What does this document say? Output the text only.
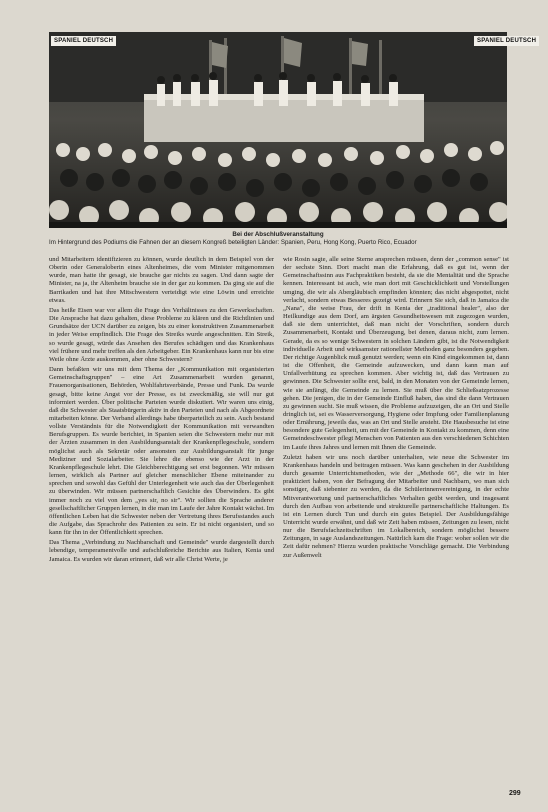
SPANIEL DEUTSCH	SPANIEL DEUTSCH
Bei der Abschlußveranstaltung
Im Hintergrund des Podiums die Fahnen der an diesem Kongreß beteiligten Länder: Spanien, Peru, Hong Kong, Puerto Rico, Ecuador

und Mitarbeitern identifizieren zu können, wurde deutlich in dem Beispiel von der Oberin oder Generaloberin eines Altenheimes, die vom Minister mitgenommen wurde, man hatte ihr gesagt, sie brauche gar nichts zu sagen. Und dann sagte der Minister, na ja, ihr Altenheim brauche sie in der gar zu kommen. Da ging sie auf die Barrikaden und hat ihre Mitschwestern verteidigt wie eine Löwin und erreichte etwas.

Das heiße Eisen war vor allem die Frage des Verhältnisses zu den Gewerkschaften. Die Ansprache hat dazu gehalten, diese Probleme zu klären und die Richtlinien und Grundsätze der UCN darüber zu zeigen, bis zu einer konstruktiven Zusammenarbeit in jeder Weise empfindlich. Die Frage des Streiks wurde angeschnitten. Ein Streik, so wurde gesagt, würde das Ansehen des Berufes schädigen und das Krankenhaus viel frühere und mehr treffen als den Arbeitgeber. Ein Krankenhaus kann nur bis eine Weile ohne Ärzte auskommen, aber ohne Schwestern?

Dann befaßten wir uns mit dem Thema der „Kommunikation mit organisierten Gemeinschaftsgruppen" – eine Art Zusammenarbeit wurden genannt, Frauenorganisationen, Behörden, Wohlfahrtsverbände, Presse und Funk. Da wurde gesagt, bitte keine Angst vor der Presse, es ist zweckmäßig, sie will nur gut informiert werden. Über politische Parteien wurde diskutiert. Wir waren uns einig, daß die Schwester als Staatsbürgerin aktiv in den Parteien und nach als Abgeordnete mitarbeiten könne. Der Verband allerdings habe überparteilich zu sein. Auch bestand vollste Verständnis für die Notwendigkeit der Kommunikation mit verwandten Berufsgruppen. Es wurde berichtet, in Spanien seien die Schwestern mehr nur mit der Ärzten zusammen in den Ausbildungsanstalt der Krankenpflegeschule, sondern möglichst auch als Sekretär oder ansonsten zur Ausbildungsanstalt für junge Mediziner und Sozialarbeiter. Sie lehre die ebenso wie der Arzt in der Krankenpflegeschule lehrt. Die Gleichberechtigung sei erst begonnen. Wir müssen lernen, wirklich als Partner auf gleicher menschlicher Ebene miteinander zu sprechen und sowohl das Gefühl der Unterlegenheit wie auch das der Überlegenheit zu überwinden. Wir müssen partnerschaftlich Gesichte des Überwinders. Es gibt immer noch zu viel von dem „yes sir, no sir". Wir sollten die Sprache anderer gesellschaftlicher Gruppen lernen, in die man im Laufe der Jahre Kontakt wächst. Im öffentlichen Leben hat die Schwester neben der Vertretung ihres Berufsstandes auch die Aufgabe, das Sprachrohr des Patienten zu sein. Er ist nicht organisiert, und so kann für ihn in der Öffentlichkeit sprechen.

Das Thema „Verbindung zu Nachbarschaft und Gemeinde" wurde dargestellt durch lebendige, temperamentvolle und aufschlußreiche Berichte aus Italien, Kenia und Jamaica. Es wurden wir daran erinnert, daß wir alle Christ Werte, je

wie Rosin sagte, alle seine Sterne ansprechen müssen, denn der „common sense" ist der sechste Sinn. Dort macht man die Erfahrung, daß es gut ist, wenn der Gemeinschaftssinn aus Fachpraktiken besteht, da sie die Mentalität und die Sprache kennen. Interessant ist auch, wie man dort mit Geschicklichkeit und Vorstellungen umging, die wir als Abergläubisch empfinden könnten; das nicht abgespottet, nicht verlacht, sondern etwas Besseres gezeigt wird. Erinnern Sie sich, daß in Jamaica die „Nana", die weise Frau, der drift in Kenia der „traditional healer", also der Heilkundige aus dem Dorf, am ärgsten Gesundheitswesen mit zugezogen wurden, daß sie dem unterrichtet, daß man nicht der Vorschriften, sondern durch Zusammenarbeit, Kontakt und Überzeugung, bei denen, daraus nicht, zum lernen. Gerade, da es so wenige Schwestern in solchen Ländern gibt, ist die Notwendigkeit individuelle Arbeit und wirksamster rationellster Methoden ganz besonders gegeben. Der richtige Augenblick muß genutzt werden; wenn ein Kind eingekommen ist, dann ist die Offenheit, die Gemeinde aufzuwecken, und dann kann man auf Unfallverhütung zu sprechen kommen. Aber wichtig ist, daß das Vertrauen zu gewinnen. Die Schwester sollte erst, bald, in den Monaten von der Gemeinde lernen, wie sie anfängt, die Gemeinde zu lernen. Sie muß über die Schließsatzprozesse gehen. Die jenigen, die in der Gemeinde Einfluß haben, das sind die dann Vertrauen zu gewinnen sucht. Sie muß wissen, die Probleme aufzuzeigen, die an Ort und Stelle dringlich ist, sei es Wasserversorgung, Hygiene oder Impfung oder Familienplanung oder Ernährung, jeweils das, was an Ort und Stelle ansteht. Die Hausbesuche ist eine besondere gute Gelegenheit, um mit der Gemeinde in Kontakt zu kommen, denn eine Gemeindeschwester pflegt Menschen von Patienten aus den verschiedenen Schichten im Laufe ihres Jahres und lernen mit Ihnen die Gemeinde.

Zuletzt haben wir uns noch darüber unterhalten, wie neue die Schwester im Krankenhaus handeln und beitragen müssen. Was kann geschehen in der Ausbildung durch gesamte Unterrichtsmethoden, wie der „Methode 66", die wir in hier praktiziert haben, von der Befragung der Mitarbeiter und Nachbarn, wo man sich sonstiger, daß siebenter zu werden, da die Schülerinnenvereinigung, in der echte Mitverantwortung und partnerschaftliches Verhalten geübt werden, und insgesamt durch den Aufbau von arbeitende und strukturelle partnerschaftliche Haltungen. Es ist ein Lernen durch Tun und durch ein gutes Beispiel. Der Ausbildungsfähige Unterricht wurde erwähnt, und daß wir Zeit haben müssen, Zeitungen zu lesen, nicht nur die Berufsfachzeitschriften im Lokalbereich, sondern möglichst bessere Zeitungen, in sage Auslandszeitungen. Natürlich kam die Frage: woher sollen wir die Zeit dafür nehmen? Hierzu wurden praktische Vorschläge gemacht. Die Verbindung zur Außenwelt

299
